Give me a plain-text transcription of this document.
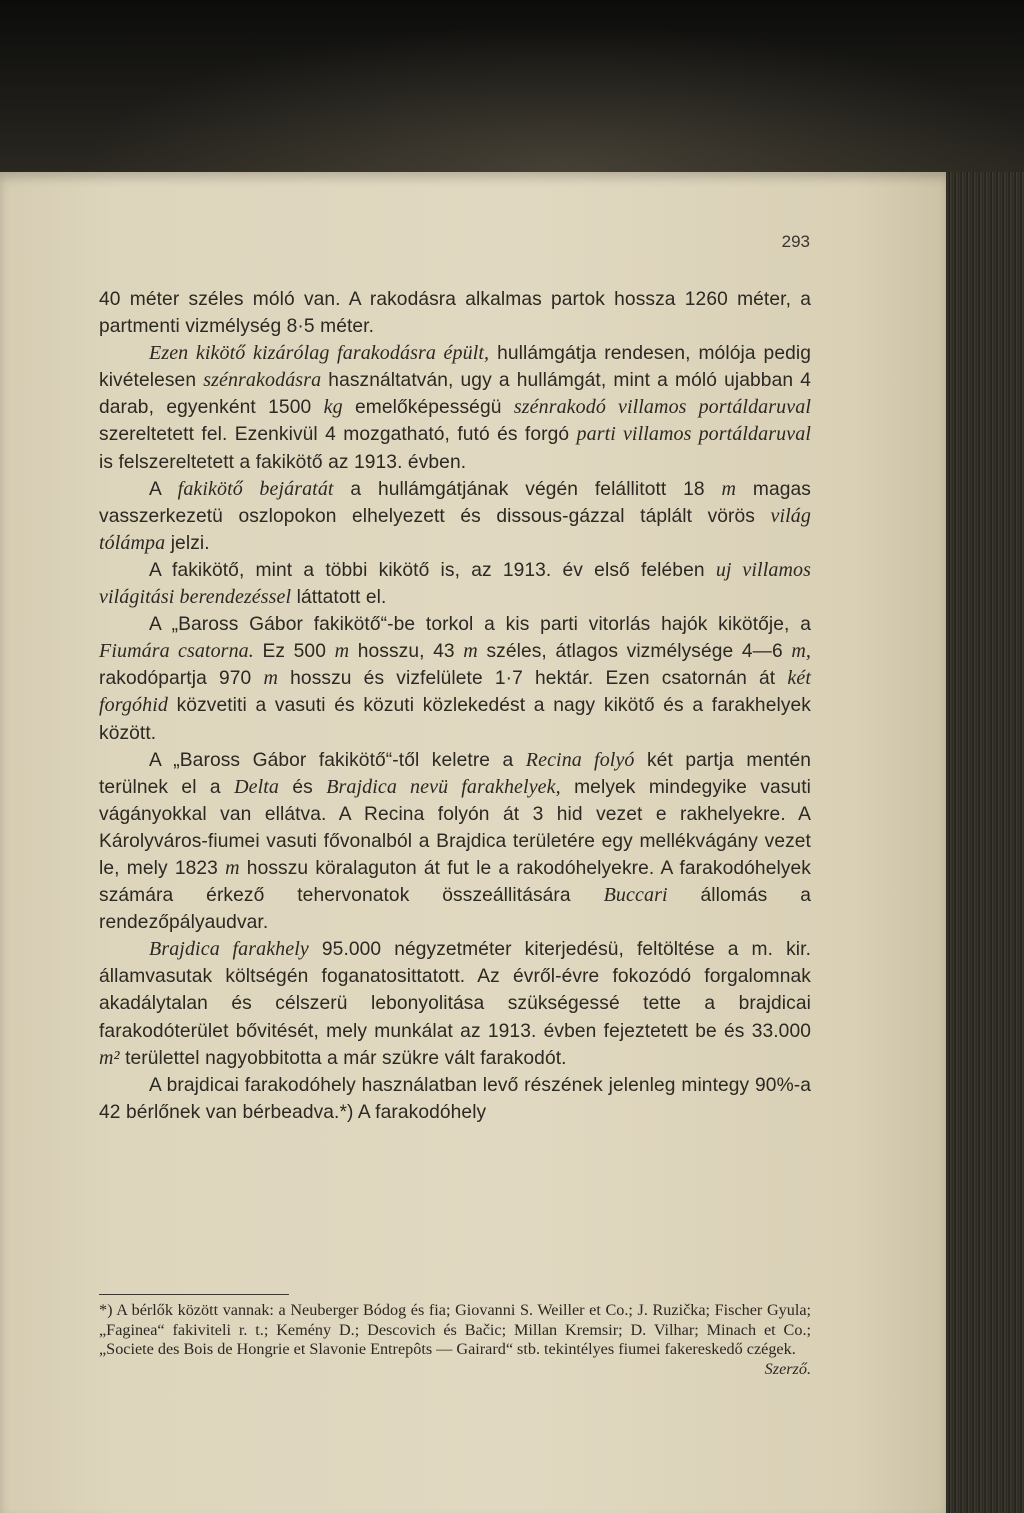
293

40 méter széles móló van. A rakodásra alkalmas partok hossza 1260 méter, a partmenti vizmélység 8·5 méter.

Ezen kikötő kizárólag farakodásra épült, hullámgátja rendesen, mólója pedig kivételesen szénrakodásra használtatván, ugy a hullámgát, mint a móló ujabban 4 darab, egyenként 1500 kg emelőképességü szénrakodó villamos portáldaruval szereltetett fel. Ezenkivül 4 mozgatható, futó és forgó parti villamos portáldaruval is felszereltetett a fakikötő az 1913. évben.

A fakikötő bejáratát a hullámgátjának végén felállitott 18 m magas vasszerkezetü oszlopokon elhelyezett és dissous-gázzal táplált vörös világ tólámpa jelzi.

A fakikötő, mint a többi kikötő is, az 1913. év első felében uj villamos világitási berendezéssel láttatott el.

A „Baross Gábor fakikötő“-be torkol a kis parti vitorlás hajók kikötője, a Fiumára csatorna. Ez 500 m hosszu, 43 m széles, átlagos vizmélysége 4—6 m, rakodópartja 970 m hosszu és vizfelülete 1·7 hektár. Ezen csatornán át két forgóhid közvetiti a vasuti és közuti közlekedést a nagy kikötő és a farakhelyek között.

A „Baross Gábor fakikötő“-től keletre a Recina folyó két partja mentén terülnek el a Delta és Brajdica nevü farakhelyek, melyek mindegyike vasuti vágányokkal van ellátva. A Recina folyón át 3 hid vezet e rakhelyekre. A Károlyváros-fiumei vasuti fővonalból a Brajdica területére egy mellékvágány vezet le, mely 1823 m hosszu köralaguton át fut le a rakodóhelyekre. A farakodóhelyek számára érkező tehervonatok összeállitására Buccari állomás a rendezőpályaudvar.

Brajdica farakhely 95.000 négyzetméter kiterjedésü, feltöltése a m. kir. államvasutak költségén foganatosittatott. Az évről-évre fokozódó forgalomnak akadálytalan és célszerü lebonyolitása szükségessé tette a brajdicai farakodóterület bővitését, mely munkálat az 1913. évben fejeztetett be és 33.000 m² területtel nagyobbitotta a már szükre vált farakodót.

A brajdicai farakodóhely használatban levő részének jelenleg mintegy 90%-a 42 bérlőnek van bérbeadva.*) A farakodóhely

*) A bérlők között vannak: a Neuberger Bódog és fia; Giovanni S. Weiller et Co.; J. Ruzička; Fischer Gyula; „Faginea“ fakiviteli r. t.; Kemény D.; Descovich és Bačic; Millan Kremsir; D. Vilhar; Minach et Co.; „Societe des Bois de Hongrie et Slavonie Entrepôts — Gairard“ stb. tekintélyes fiumei fakereskedő czégek.
Szerző.
